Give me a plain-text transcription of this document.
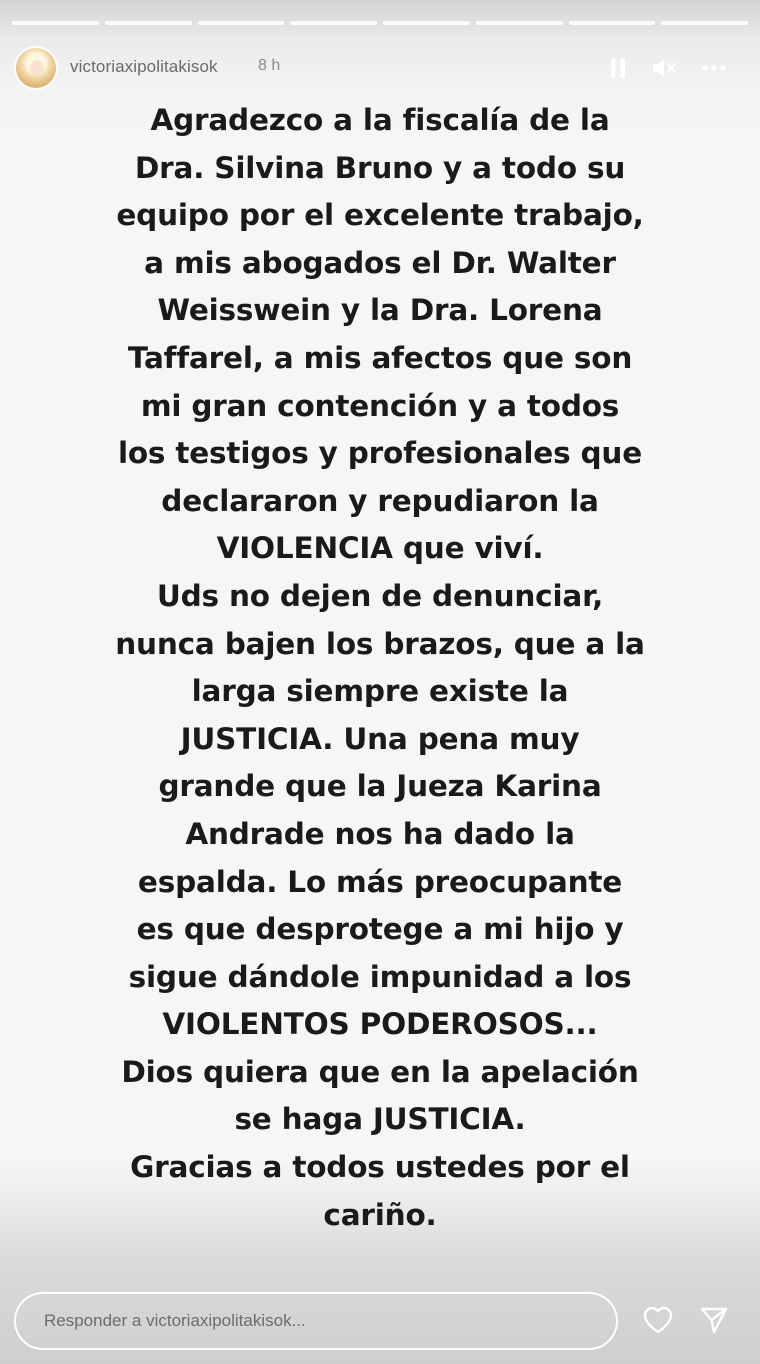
victoriaxipolitakisok	8 h
Agradezco a la fiscalía de la
Dra. Silvina Bruno y a todo su
equipo por el excelente trabajo,
a mis abogados el Dr. Walter
Weisswein y la Dra. Lorena
Taffarel, a mis afectos que son
mi gran contención y a todos
los testigos y profesionales que
declararon y repudiaron la
VIOLENCIA que viví.
Uds no dejen de denunciar,
nunca bajen los brazos, que a la
larga siempre existe la
JUSTICIA. Una pena muy
grande que la Jueza Karina
Andrade nos ha dado la
espalda. Lo más preocupante
es que desprotege a mi hijo y
sigue dándole impunidad a los
VIOLENTOS PODEROSOS...
Dios quiera que en la apelación
se haga JUSTICIA.
Gracias a todos ustedes por el
cariño.
Responder a victoriaxipolitakisok...
